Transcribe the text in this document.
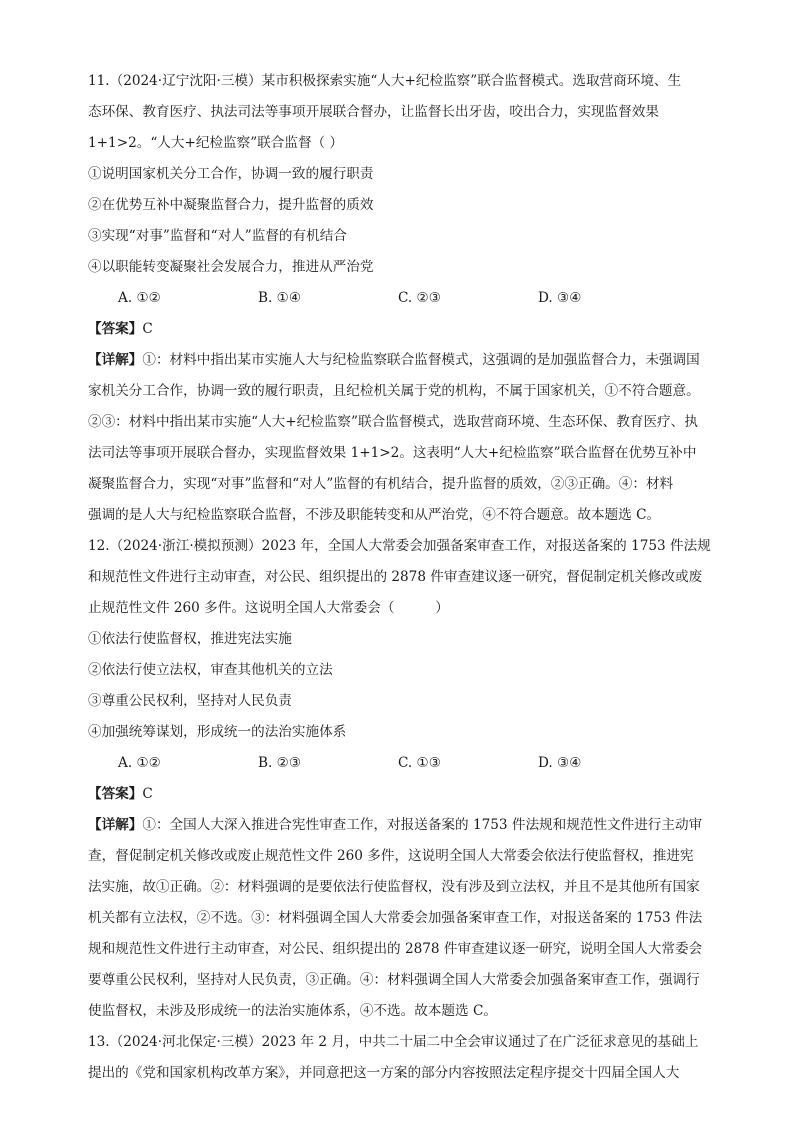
11.（2024·辽宁沈阳·三模）某市积极探索实施“人大+纪检监察”联合监督模式。选取营商环境、生
态环保、教育医疗、执法司法等事项开展联合督办，让监督长出牙齿，咬出合力，实现监督效果
1+1>2。“人大+纪检监察”联合监督（ ）
①说明国家机关分工合作，协调一致的履行职责
②在优势互补中凝聚监督合力，提升监督的质效
③实现“对事”监督和“对人”监督的有机结合
④以职能转变凝聚社会发展合力，推进从严治党
A. ①②	B. ①④	C. ②③	D. ③④
【答案】C
【详解】①：材料中指出某市实施人大与纪检监察联合监督模式，这强调的是加强监督合力，未强调国
家机关分工合作，协调一致的履行职责，且纪检机关属于党的机构，不属于国家机关，①不符合题意。
②③：材料中指出某市实施“人大+纪检监察”联合监督模式，选取营商环境、生态环保、教育医疗、执
法司法等事项开展联合督办，实现监督效果 1+1>2。这表明“人大+纪检监察”联合监督在优势互补中
凝聚监督合力，实现“对事”监督和“对人”监督的有机结合，提升监督的质效，②③正确。④：材料
强调的是人大与纪检监察联合监督，不涉及职能转变和从严治党，④不符合题意。故本题选 C。
12.（2024·浙江·模拟预测）2023 年，全国人大常委会加强备案审查工作，对报送备案的 1753 件法规
和规范性文件进行主动审查，对公民、组织提出的 2878 件审查建议逐一研究，督促制定机关修改或废
止规范性文件 260 多件。这说明全国人大常委会（　　　）
①依法行使监督权，推进宪法实施
②依法行使立法权，审查其他机关的立法
③尊重公民权利，坚持对人民负责
④加强统筹谋划，形成统一的法治实施体系
A. ①②	B. ②③	C. ①③	D. ③④
【答案】C
【详解】①：全国人大深入推进合宪性审查工作，对报送备案的 1753 件法规和规范性文件进行主动审
查，督促制定机关修改或废止规范性文件 260 多件，这说明全国人大常委会依法行使监督权，推进宪
法实施，故①正确。②：材料强调的是要依法行使监督权，没有涉及到立法权，并且不是其他所有国家
机关都有立法权，②不选。③：材料强调全国人大常委会加强备案审查工作，对报送备案的 1753 件法
规和规范性文件进行主动审查，对公民、组织提出的 2878 件审查建议逐一研究，说明全国人大常委会
要尊重公民权利，坚持对人民负责，③正确。④：材料强调全国人大常委会加强备案审查工作，强调行
使监督权，未涉及形成统一的法治实施体系，④不选。故本题选 C。
13.（2024·河北保定·三模）2023 年 2 月，中共二十届二中全会审议通过了在广泛征求意见的基础上
提出的《党和国家机构改革方案》，并同意把这一方案的部分内容按照法定程序提交十四届全国人大
